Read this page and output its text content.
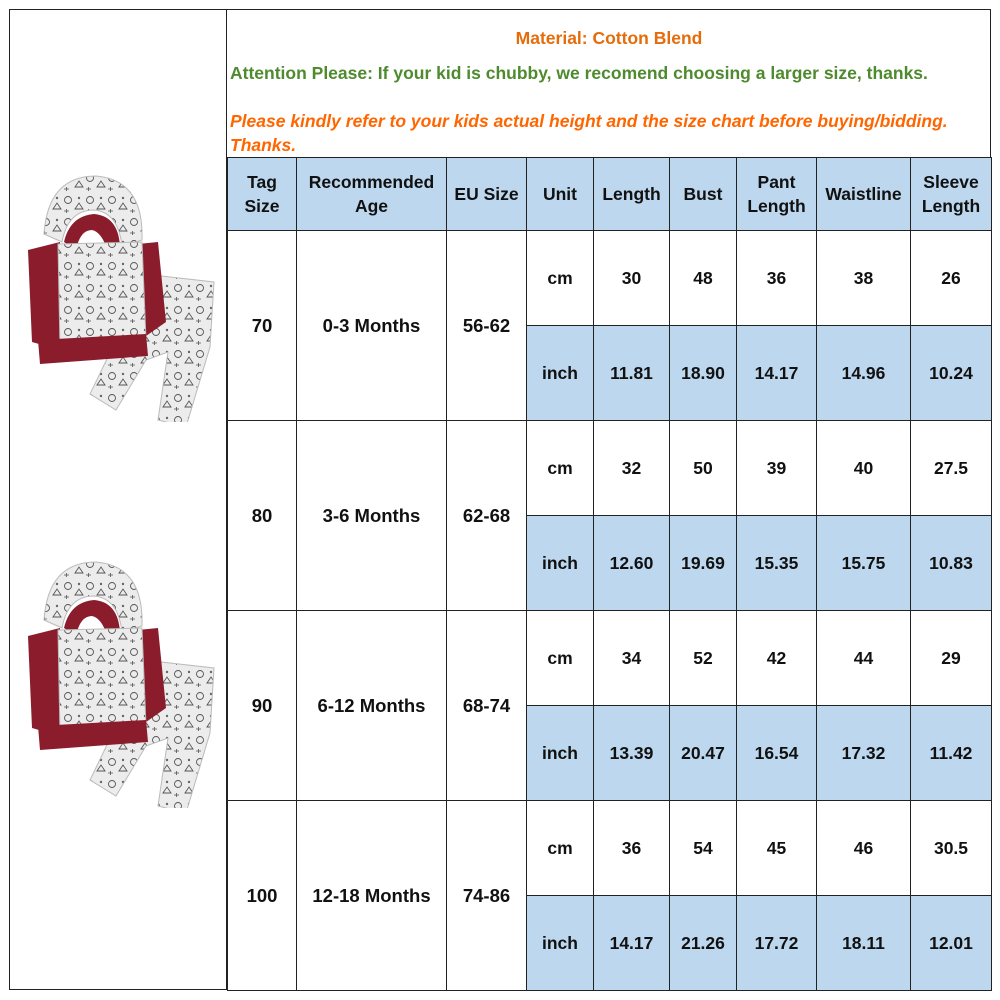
Material: Cotton Blend
Attention Please: If your kid is chubby, we recomend choosing a larger size, thanks.
Please kindly refer to your kids actual height and the size chart before buying/bidding. Thanks.
Tag Size	Recommended Age	EU Size	Unit	Length	Bust	Pant Length	Waistline	Sleeve Length
70	0-3 Months	56-62	cm	30	48	36	38	26
			inch	11.81	18.90	14.17	14.96	10.24
80	3-6 Months	62-68	cm	32	50	39	40	27.5
			inch	12.60	19.69	15.35	15.75	10.83
90	6-12 Months	68-74	cm	34	52	42	44	29
			inch	13.39	20.47	16.54	17.32	11.42
100	12-18 Months	74-86	cm	36	54	45	46	30.5
			inch	14.17	21.26	17.72	18.11	12.01
